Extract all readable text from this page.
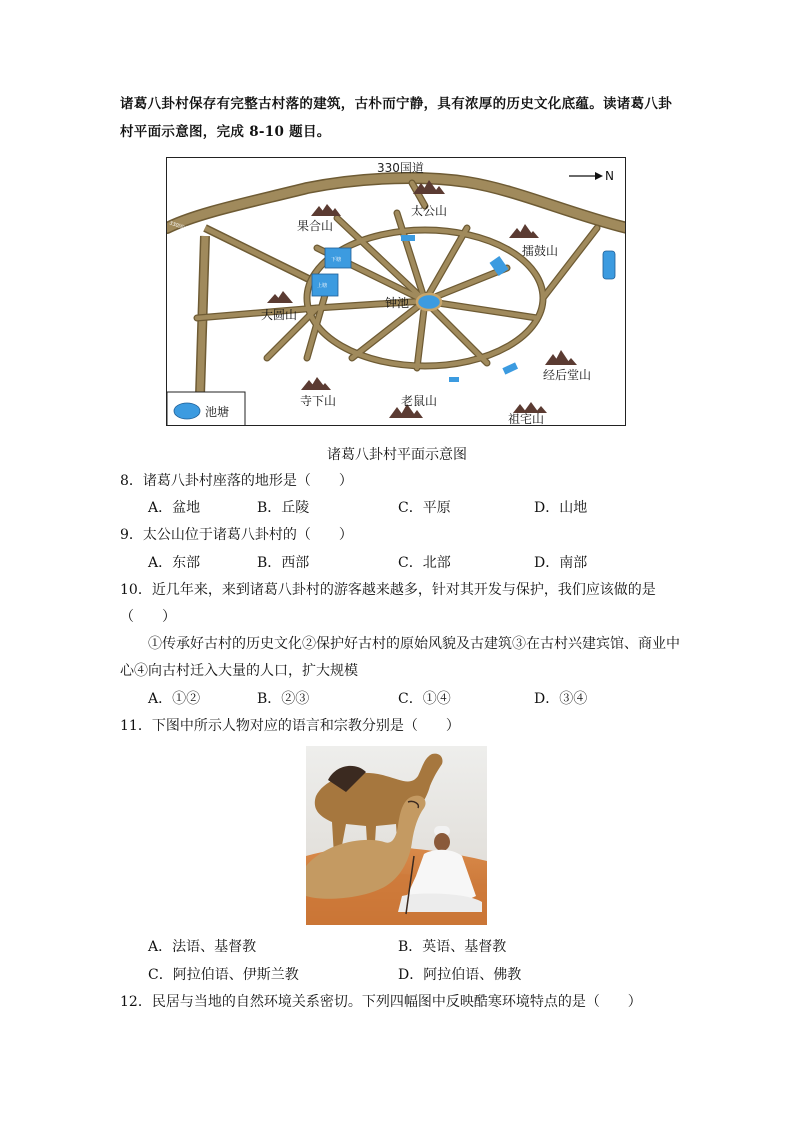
诸葛八卦村保存有完整古村落的建筑，古朴而宁静，具有浓厚的历史文化底蕴。读诸葛八卦
村平面示意图，完成 8-10 题目。
330国道
330国道
330国道
316省道
N
下塘
上塘
果合山
太公山
擂鼓山
大圆山
经后堂山
寺下山	老鼠山
祖宅山
钟池
池塘
诸葛八卦村平面示意图
8．诸葛八卦村座落的地形是（　　）
A．盆地	B．丘陵	C．平原	D．山地
9．太公山位于诸葛八卦村的（　　）
A．东部	B．西部	C．北部	D．南部
10．近几年来，来到诸葛八卦村的游客越来越多，针对其开发与保护，我们应该做的是
（　　）
①传承好古村的历史文化②保护好古村的原始风貌及古建筑③在古村兴建宾馆、商业中
心④向古村迁入大量的人口，扩大规模
A．①②	B．②③	C．①④	D．③④
11．下图中所示人物对应的语言和宗教分别是（　　）
A．法语、基督教	B．英语、基督教
C．阿拉伯语、伊斯兰教	D．阿拉伯语、佛教
12．民居与当地的自然环境关系密切。下列四幅图中反映酷寒环境特点的是（　　）
